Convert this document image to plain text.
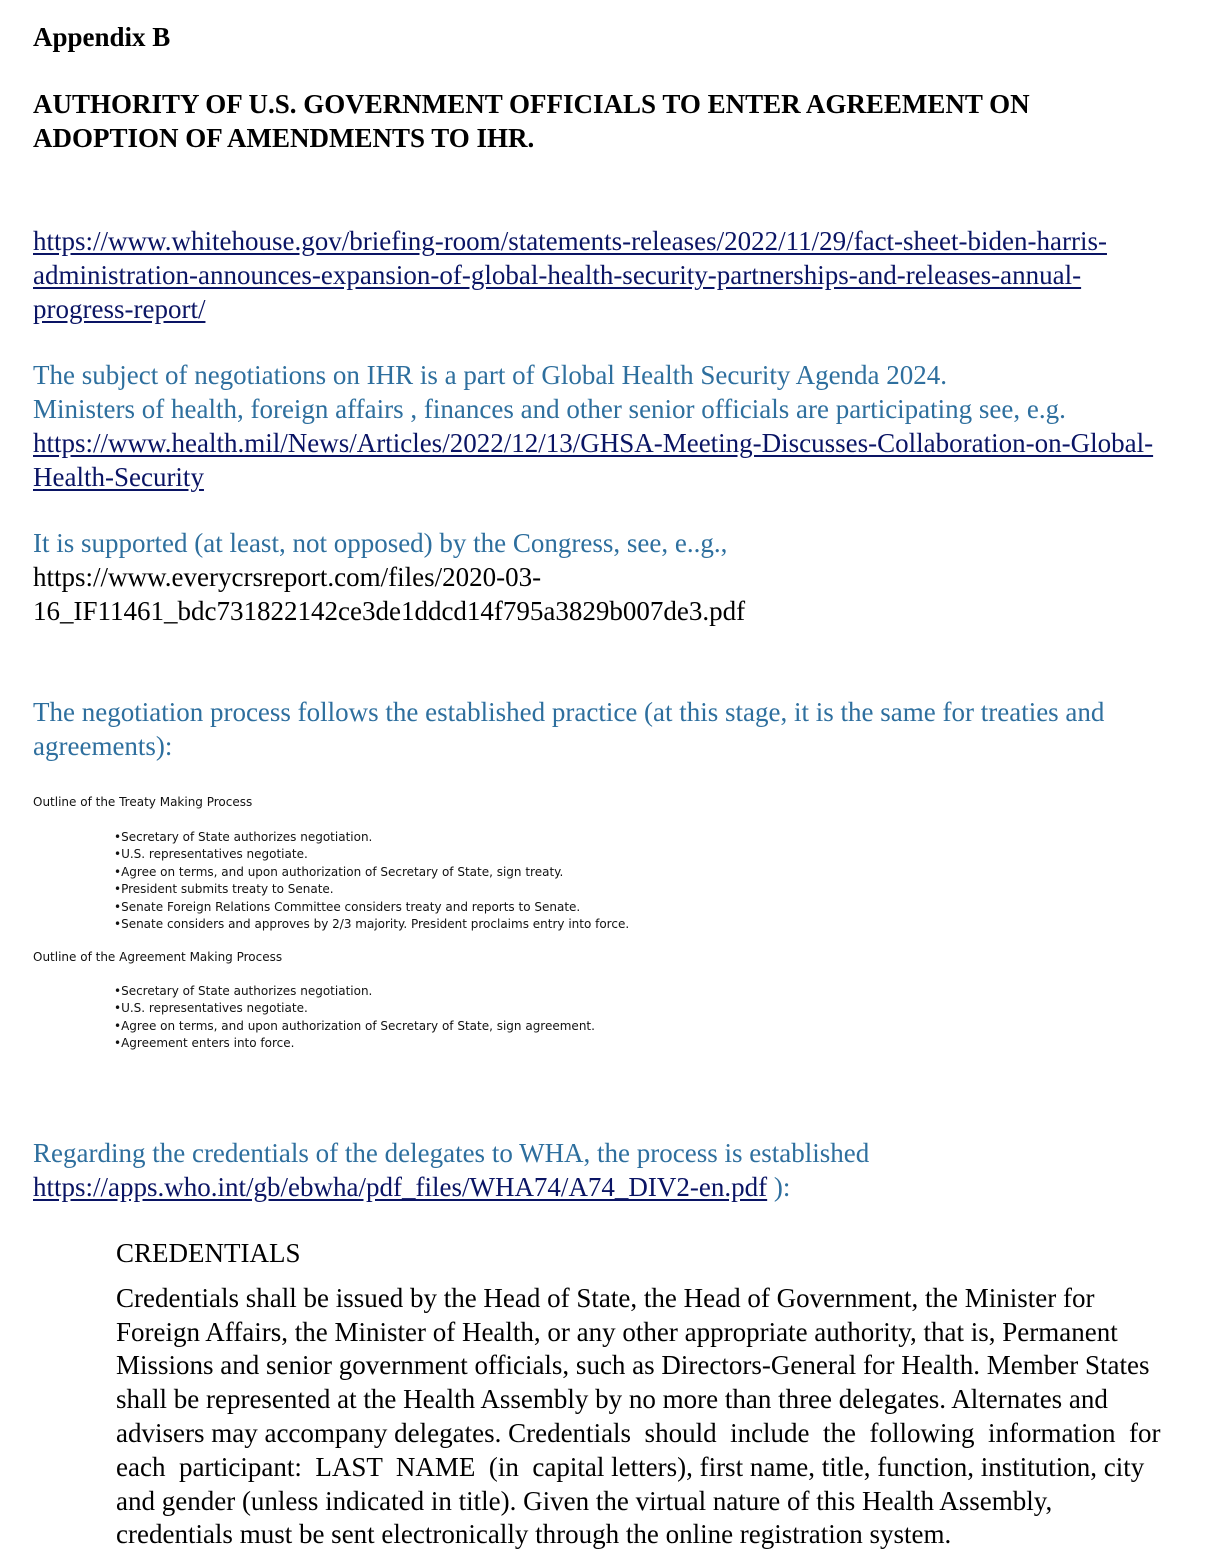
Appendix B

AUTHORITY OF U.S. GOVERNMENT OFFICIALS TO ENTER AGREEMENT ON
ADOPTION OF AMENDMENTS TO IHR.
https://www.whitehouse.gov/briefing-room/statements-releases/2022/11/29/fact-sheet-biden-harris-
administration-announces-expansion-of-global-health-security-partnerships-and-releases-annual-
progress-report/
The subject of negotiations on IHR is a part of Global Health Security Agenda 2024.
Ministers of health, foreign affairs , finances and other senior officials are participating see, e.g.
https://www.health.mil/News/Articles/2022/12/13/GHSA-Meeting-Discusses-Collaboration-on-Global-
Health-Security
It is supported (at least, not opposed) by the Congress, see, e..g.,
https://www.everycrsreport.com/files/2020-03-
16_IF11461_bdc731822142ce3de1ddcd14f795a3829b007de3.pdf
The negotiation process follows the established practice (at this stage, it is the same for treaties and
agreements):
Outline of the Treaty Making Process
• Secretary of State authorizes negotiation.
• U.S. representatives negotiate.
• Agree on terms, and upon authorization of Secretary of State, sign treaty.
• President submits treaty to Senate.
• Senate Foreign Relations Committee considers treaty and reports to Senate.
• Senate considers and approves by 2/3 majority. President proclaims entry into force.
Outline of the Agreement Making Process
• Secretary of State authorizes negotiation.
• U.S. representatives negotiate.
• Agree on terms, and upon authorization of Secretary of State, sign agreement.
• Agreement enters into force.
Regarding the credentials of the delegates to WHA, the process is established
https://apps.who.int/gb/ebwha/pdf_files/WHA74/A74_DIV2-en.pdf ):
CREDENTIALS
Credentials shall be issued by the Head of State, the Head of Government, the Minister for
Foreign Affairs, the Minister of Health, or any other appropriate authority, that is, Permanent
Missions and senior government officials, such as Directors-General for Health. Member States
shall be represented at the Health Assembly by no more than three delegates. Alternates and
advisers may accompany delegates. Credentials  should  include  the  following  information  for
each  participant:  LAST  NAME  (in  capital letters), first name, title, function, institution, city
and gender (unless indicated in title). Given the virtual nature of this Health Assembly,
credentials must be sent electronically through the online registration system.
